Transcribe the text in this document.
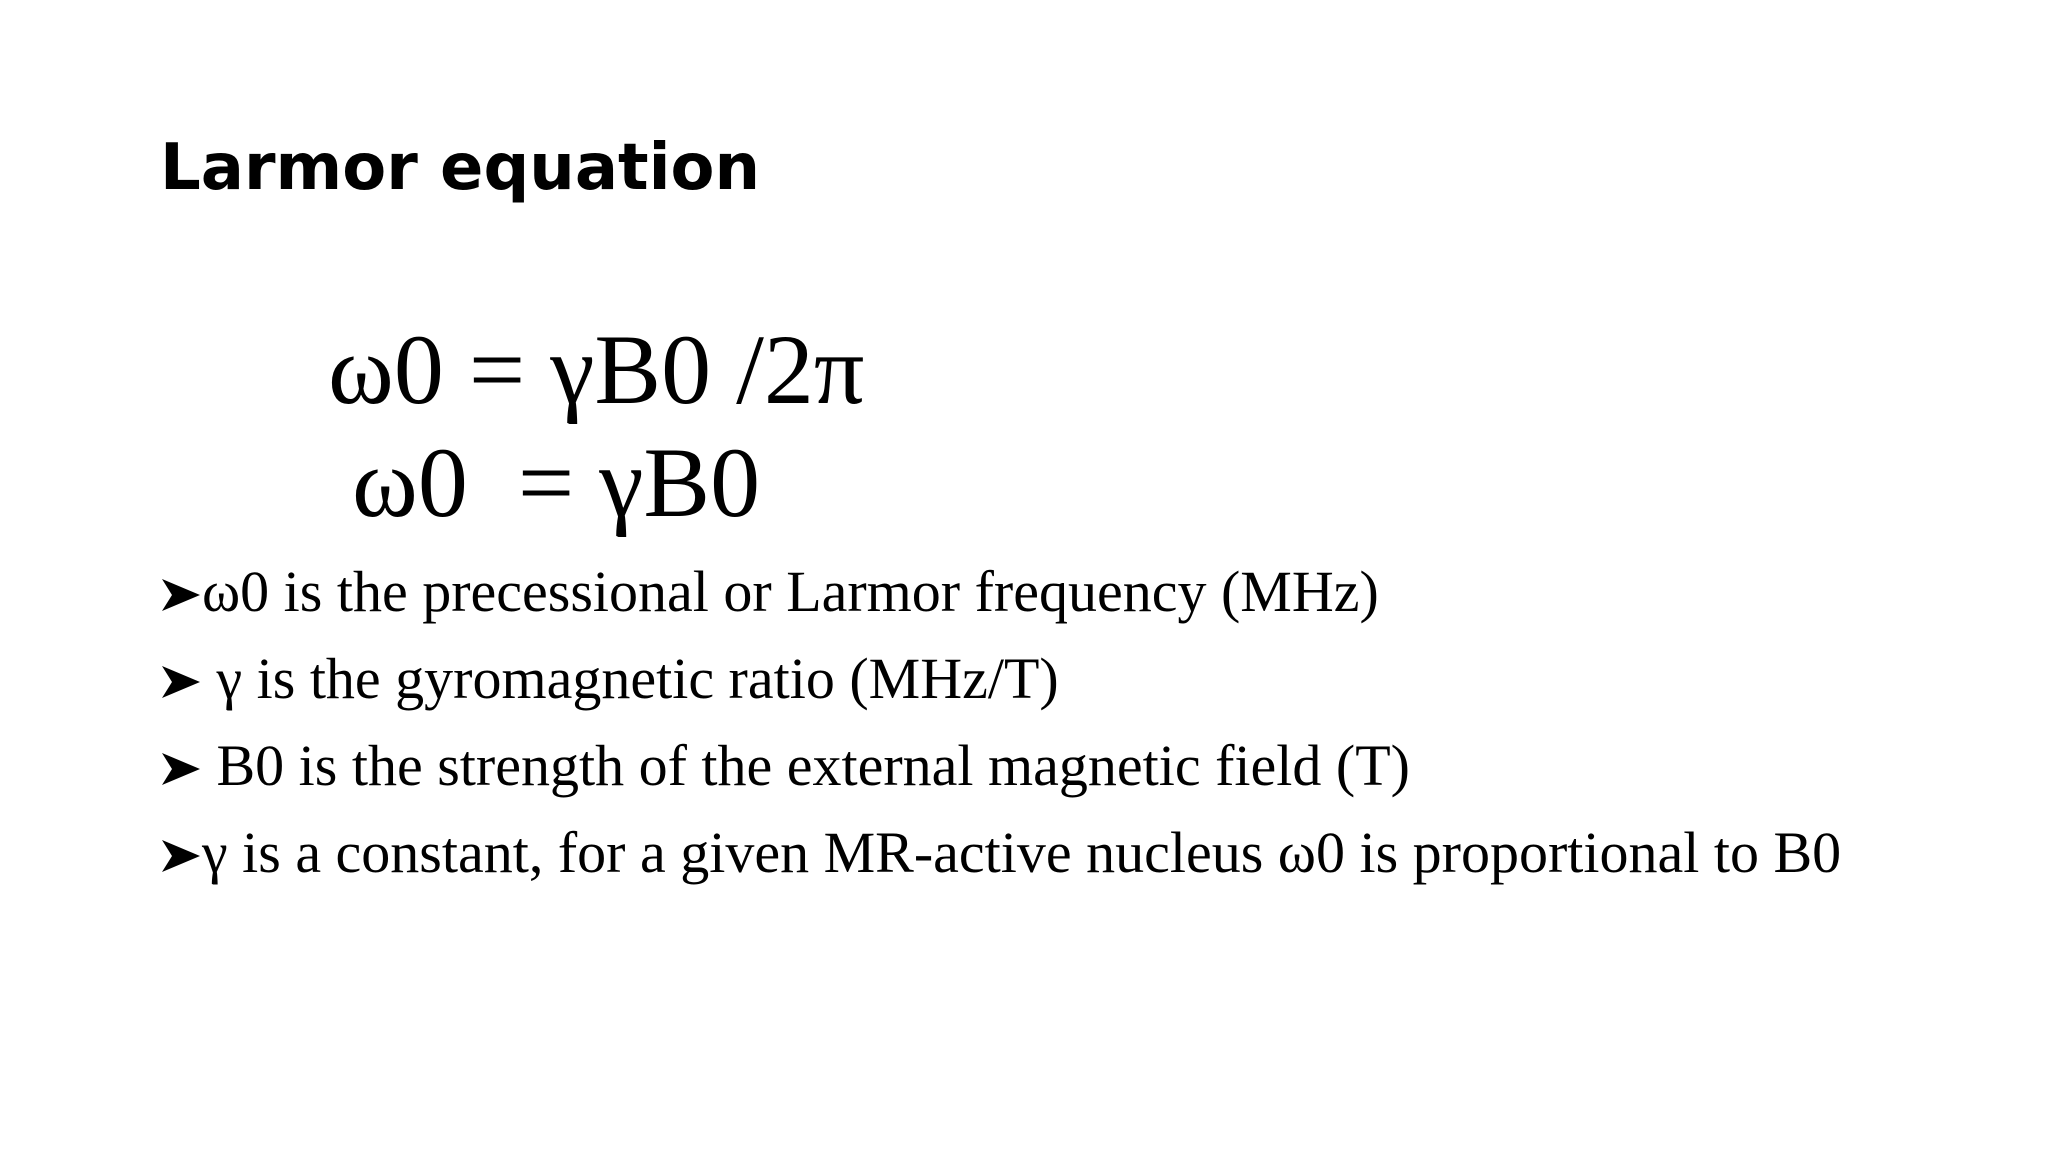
Larmor equation
ω0 = γB0 /2π
ω0  = γB0
ω0 is the precessional or Larmor frequency (MHz)
γ is the gyromagnetic ratio (MHz/T)
B0 is the strength of the external magnetic field (T)
γ is a constant, for a given MR-active nucleus ω0 is proportional to B0
